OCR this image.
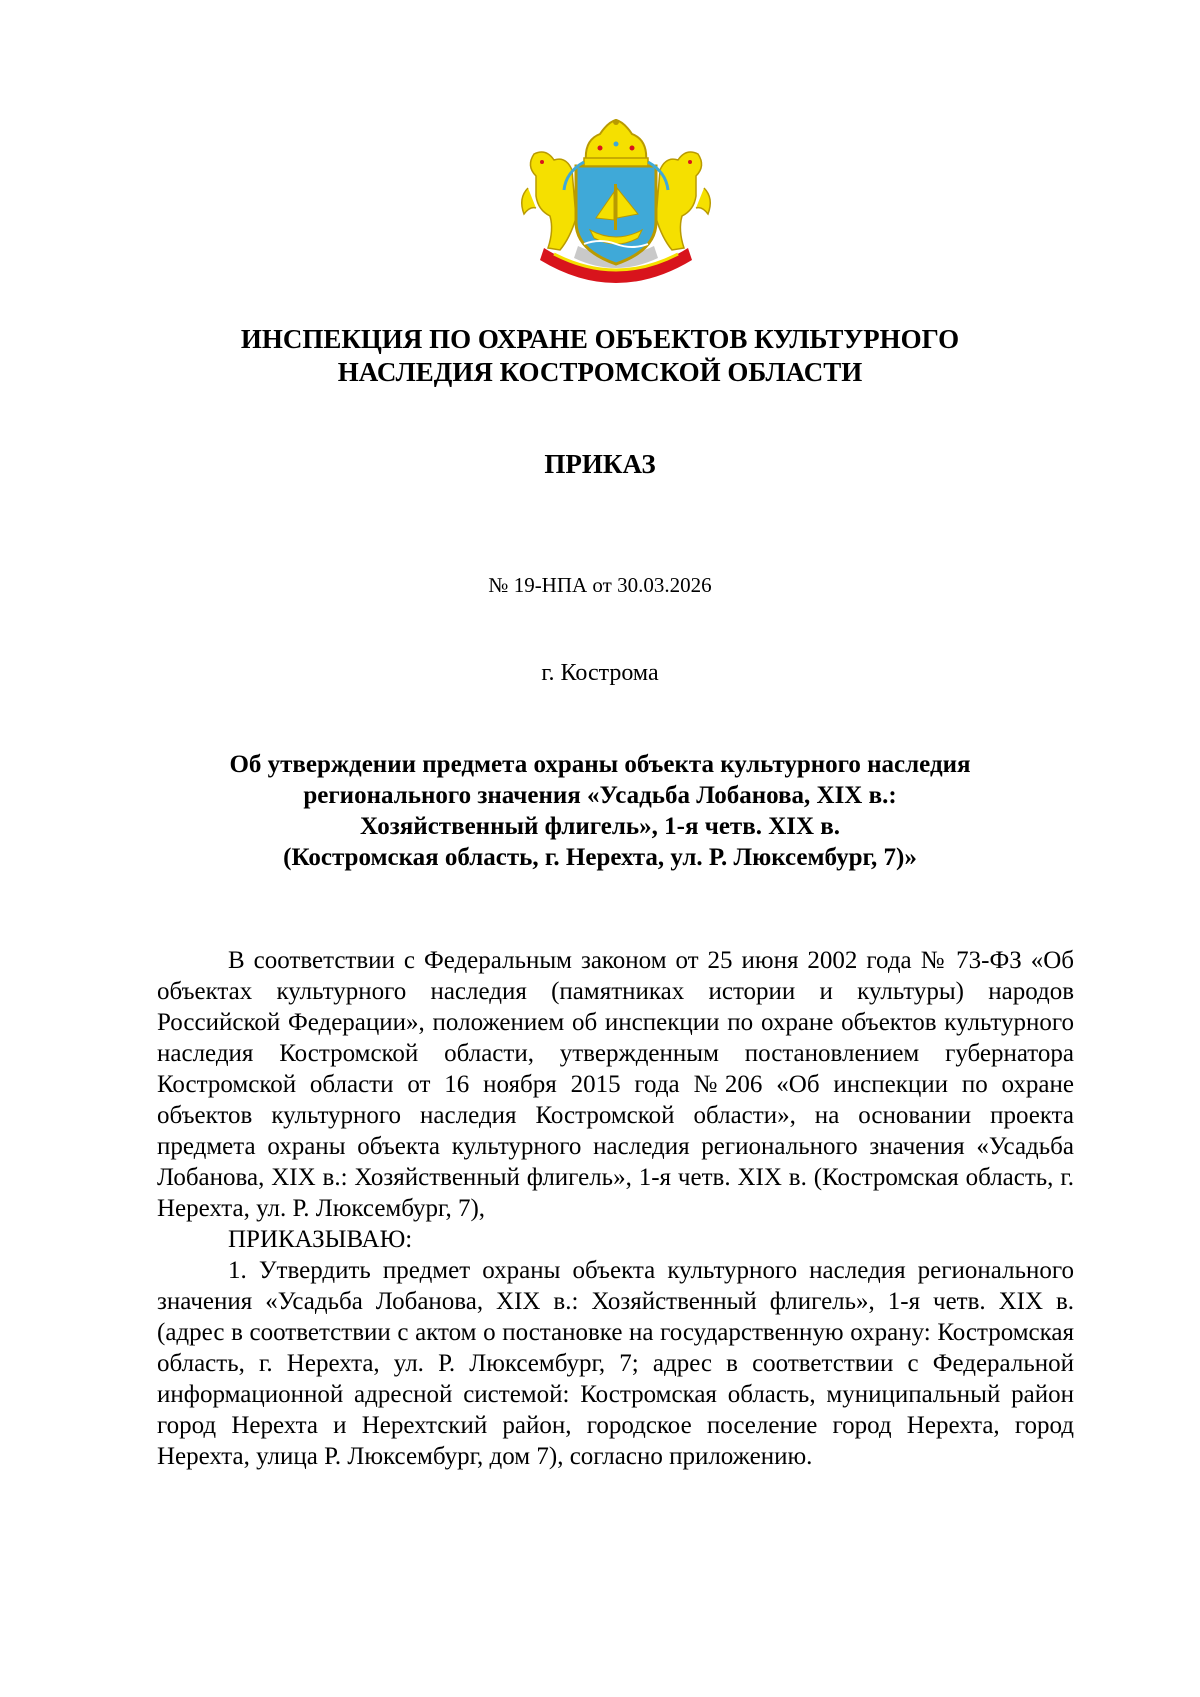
ИНСПЕКЦИЯ ПО ОХРАНЕ ОБЪЕКТОВ КУЛЬТУРНОГО
НАСЛЕДИЯ КОСТРОМСКОЙ ОБЛАСТИ
ПРИКАЗ
№ 19-НПА от 30.03.2026
г. Кострома
Об утверждении предмета охраны объекта культурного наследия
регионального значения «Усадьба Лобанова, XIX в.:
Хозяйственный флигель», 1-я четв. XIX в.
(Костромская область, г. Нерехта, ул. Р. Люксембург, 7)»

В соответствии с Федеральным законом от 25 июня 2002 года № 73-ФЗ «Об объектах культурного наследия (памятниках истории и культуры) народов Российской Федерации», положением об инспекции по охране объектов культурного наследия Костромской области, утвержденным постановлением губернатора Костромской области от 16 ноября 2015 года №206 «Об инспекции по охране объектов культурного наследия Костромской области», на основании проекта предмета охраны объекта культурного наследия регионального значения «Усадьба Лобанова, XIX в.: Хозяйственный флигель», 1-я четв. XIX в. (Костромская область, г. Нерехта, ул. Р. Люксембург, 7),

ПРИКАЗЫВАЮ:

1. Утвердить предмет охраны объекта культурного наследия регионального значения «Усадьба Лобанова, XIX в.: Хозяйственный флигель», 1-я четв. XIX в. (адрес в соответствии с актом о постановке на государственную охрану: Костромская область, г. Нерехта, ул. Р. Люксембург, 7; адрес в соответствии с Федеральной информационной адресной системой: Костромская область, муниципальный район город Нерехта и Нерехтский район, городское поселение город Нерехта, город Нерехта, улица Р. Люксембург, дом 7), согласно приложению.
